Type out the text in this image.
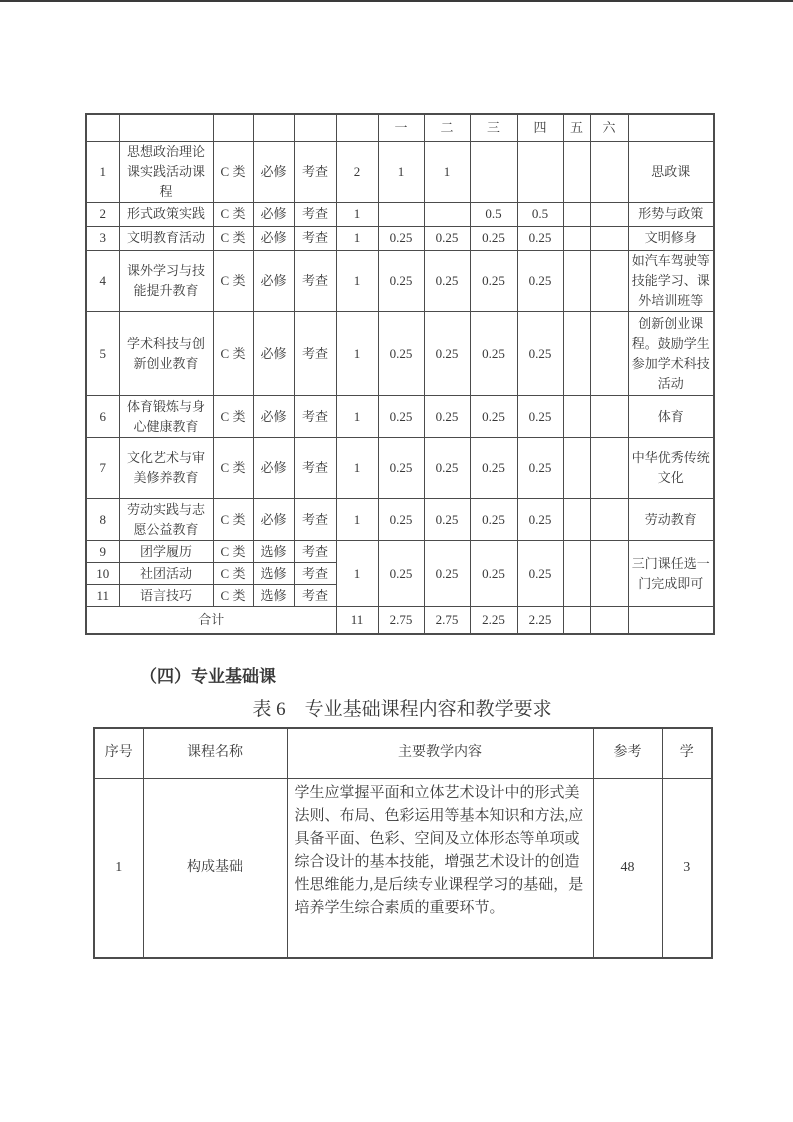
						一	二	三	四	五	六	
1	思想政治理论课实践活动课程	C 类	必修	考查	2	1	1					思政课
2	形式政策实践	C 类	必修	考查	1			0.5	0.5			形势与政策
3	文明教育活动	C 类	必修	考查	1	0.25	0.25	0.25	0.25			文明修身
4	课外学习与技能提升教育	C 类	必修	考查	1	0.25	0.25	0.25	0.25			如汽车驾驶等技能学习、课外培训班等
5	学术科技与创新创业教育	C 类	必修	考查	1	0.25	0.25	0.25	0.25			创新创业课程。鼓励学生参加学术科技活动
6	体育锻炼与身心健康教育	C 类	必修	考查	1	0.25	0.25	0.25	0.25			体育
7	文化艺术与审美修养教育	C 类	必修	考查	1	0.25	0.25	0.25	0.25			中华优秀传统文化
8	劳动实践与志愿公益教育	C 类	必修	考查	1	0.25	0.25	0.25	0.25			劳动教育
9	团学履历	C 类	选修	考查	1	0.25	0.25	0.25	0.25			三门课任选一门完成即可
10	社团活动	C 类	选修	考查								
11	语言技巧	C 类	选修	考查								
合计					11	2.75	2.75	2.25	2.25			
（四）专业基础课
表 6　专业基础课程内容和教学要求
序号	课程名称	主要教学内容	参考	学
1	构成基础	学生应掌握平面和立体艺术设计中的形式美法则、布局、色彩运用等基本知识和方法,应具备平面、色彩、空间及立体形态等单项或综合设计的基本技能，增强艺术设计的创造性思维能力,是后续专业课程学习的基础，是培养学生综合素质的重要环节。	48	3
